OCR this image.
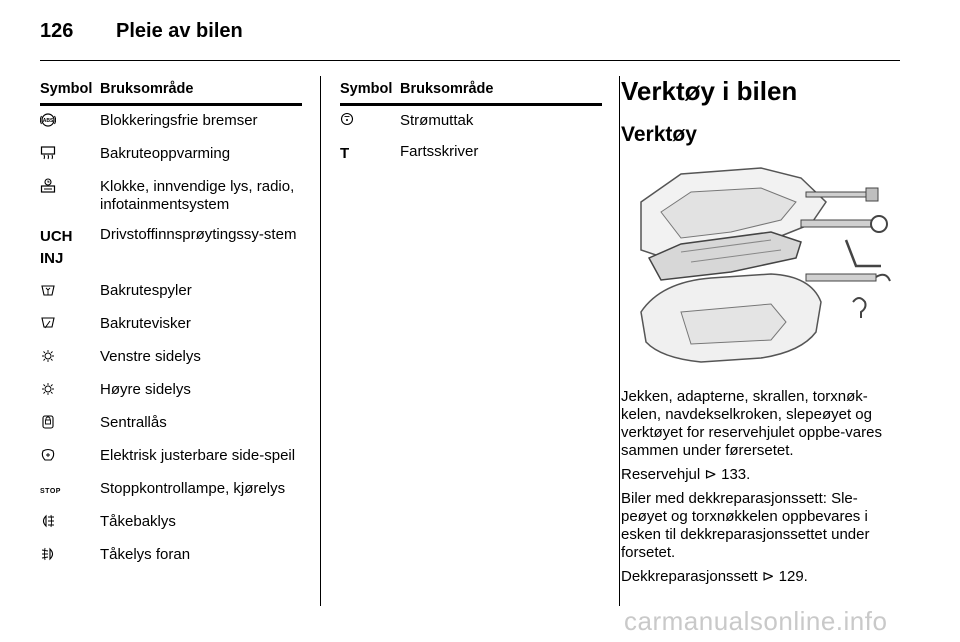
126 Pleie av bilen
Symbol	Bruksområde

ABS	Blokkeringsfrie bremser
	Bakruteoppvarming
	Klokke, innvendige lys, radio, infotainmentsystem
UCH INJ	Drivstoffinnsprøytingssy-stem
	Bakrutespyler
	Bakrutevisker
	Venstre sidelys
	Høyre sidelys
	Sentrallås
	Elektrisk justerbare side-speil
STOP	Stoppkontrollampe, kjørelys
	Tåkebaklys
	Tåkelys foran
Symbol	Bruksområde
	Strømuttak
T	Fartsskriver
Verktøy i bilen
Verktøy

Jekken, adapterne, skrallen, torxnøk-kelen, navdekselkroken, slepeøyet og verktøyet for reservehjulet oppbe-vares sammen under førersetet.

Reservehjul ⊳ 133.

Biler med dekkreparasjonssett: Sle-peøyet og torxnøkkelen oppbevares i esken til dekkreparasjonssettet under forsetet.

Dekkreparasjonssett ⊳ 129.

carmanualsonline.info
